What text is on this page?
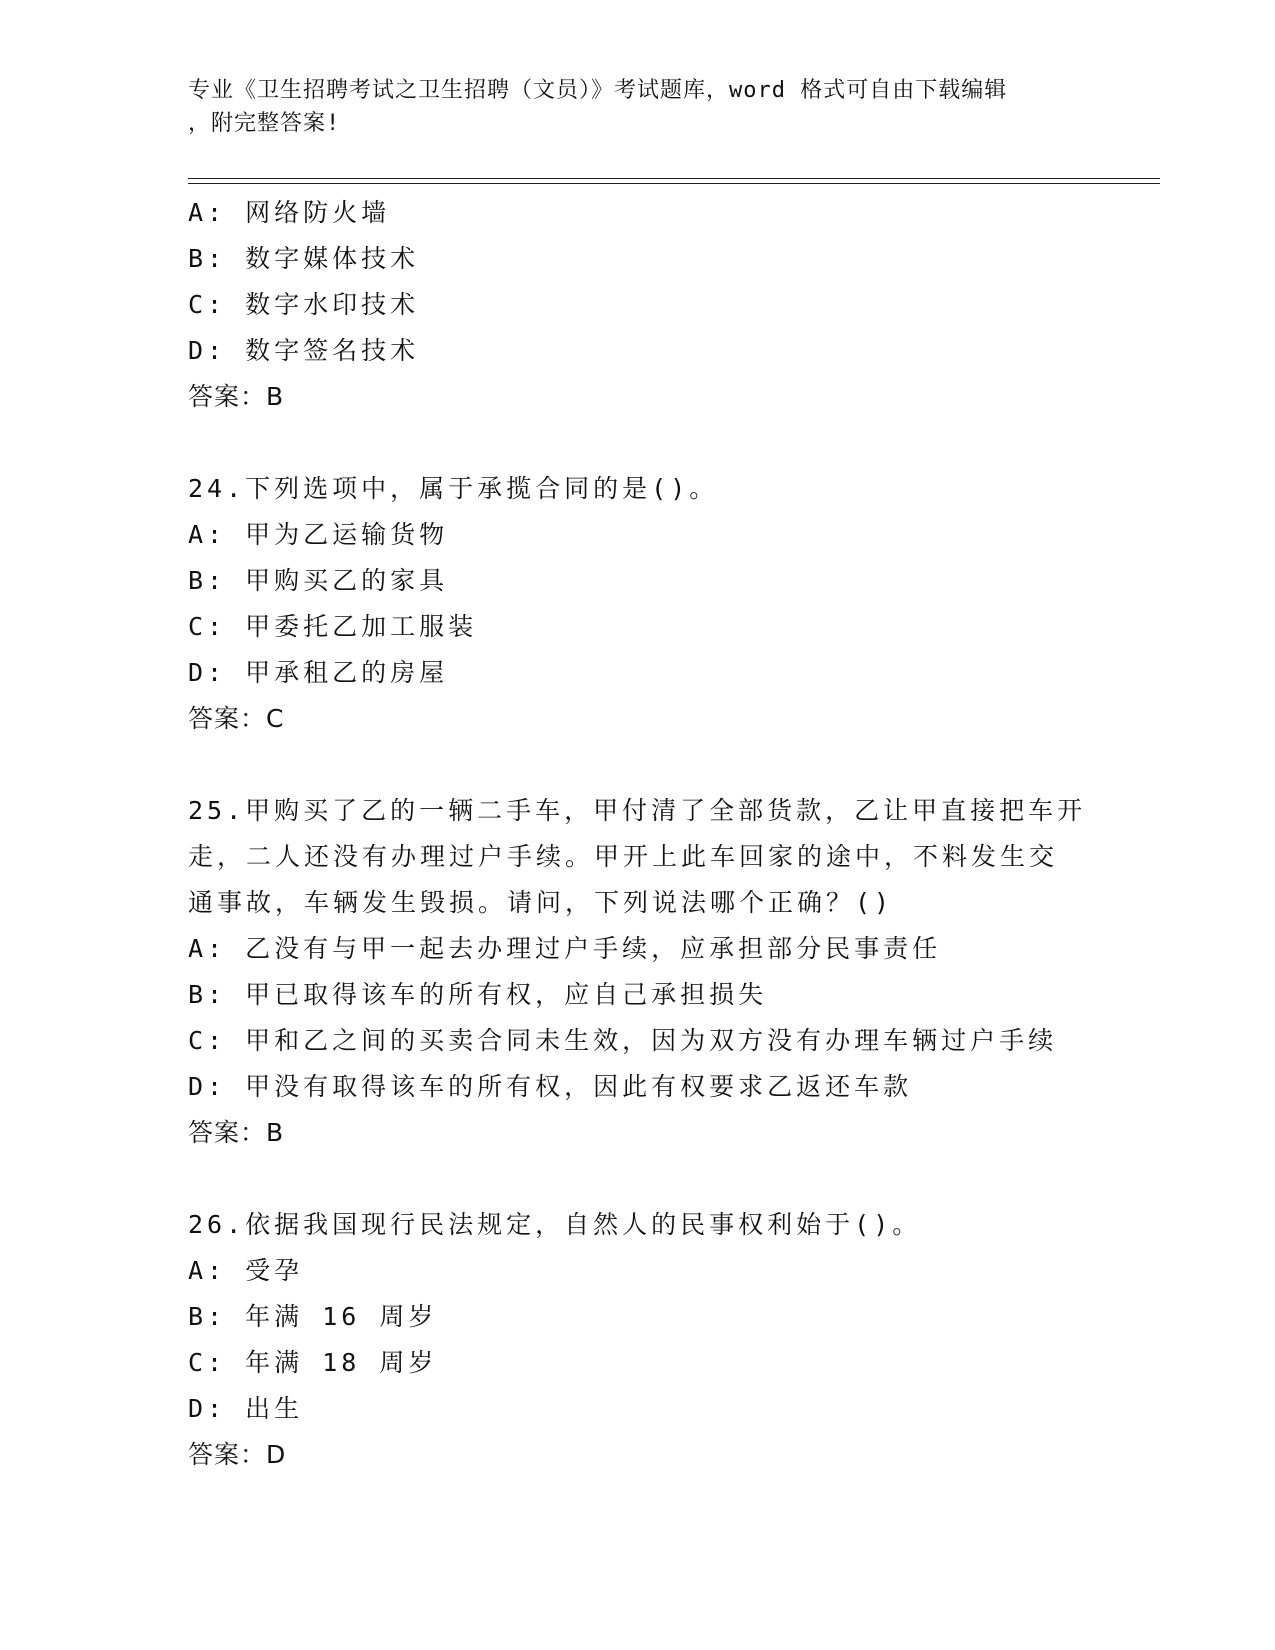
专业《卫生招聘考试之卫生招聘（文员）》考试题库，word 格式可自由下载编辑
，附完整答案!
A: 网络防火墙
B: 数字媒体技术
C: 数字水印技术
D: 数字签名技术
答案：B
24.下列选项中，属于承揽合同的是()。
A: 甲为乙运输货物
B: 甲购买乙的家具
C: 甲委托乙加工服装
D: 甲承租乙的房屋
答案：C
25.甲购买了乙的一辆二手车，甲付清了全部货款，乙让甲直接把车开
走，二人还没有办理过户手续。甲开上此车回家的途中，不料发生交
通事故，车辆发生毁损。请问，下列说法哪个正确？()
A: 乙没有与甲一起去办理过户手续，应承担部分民事责任
B: 甲已取得该车的所有权，应自己承担损失
C: 甲和乙之间的买卖合同未生效，因为双方没有办理车辆过户手续
D: 甲没有取得该车的所有权，因此有权要求乙返还车款
答案：B
26.依据我国现行民法规定，自然人的民事权利始于()。
A: 受孕
B: 年满 16 周岁
C: 年满 18 周岁
D: 出生
答案：D
